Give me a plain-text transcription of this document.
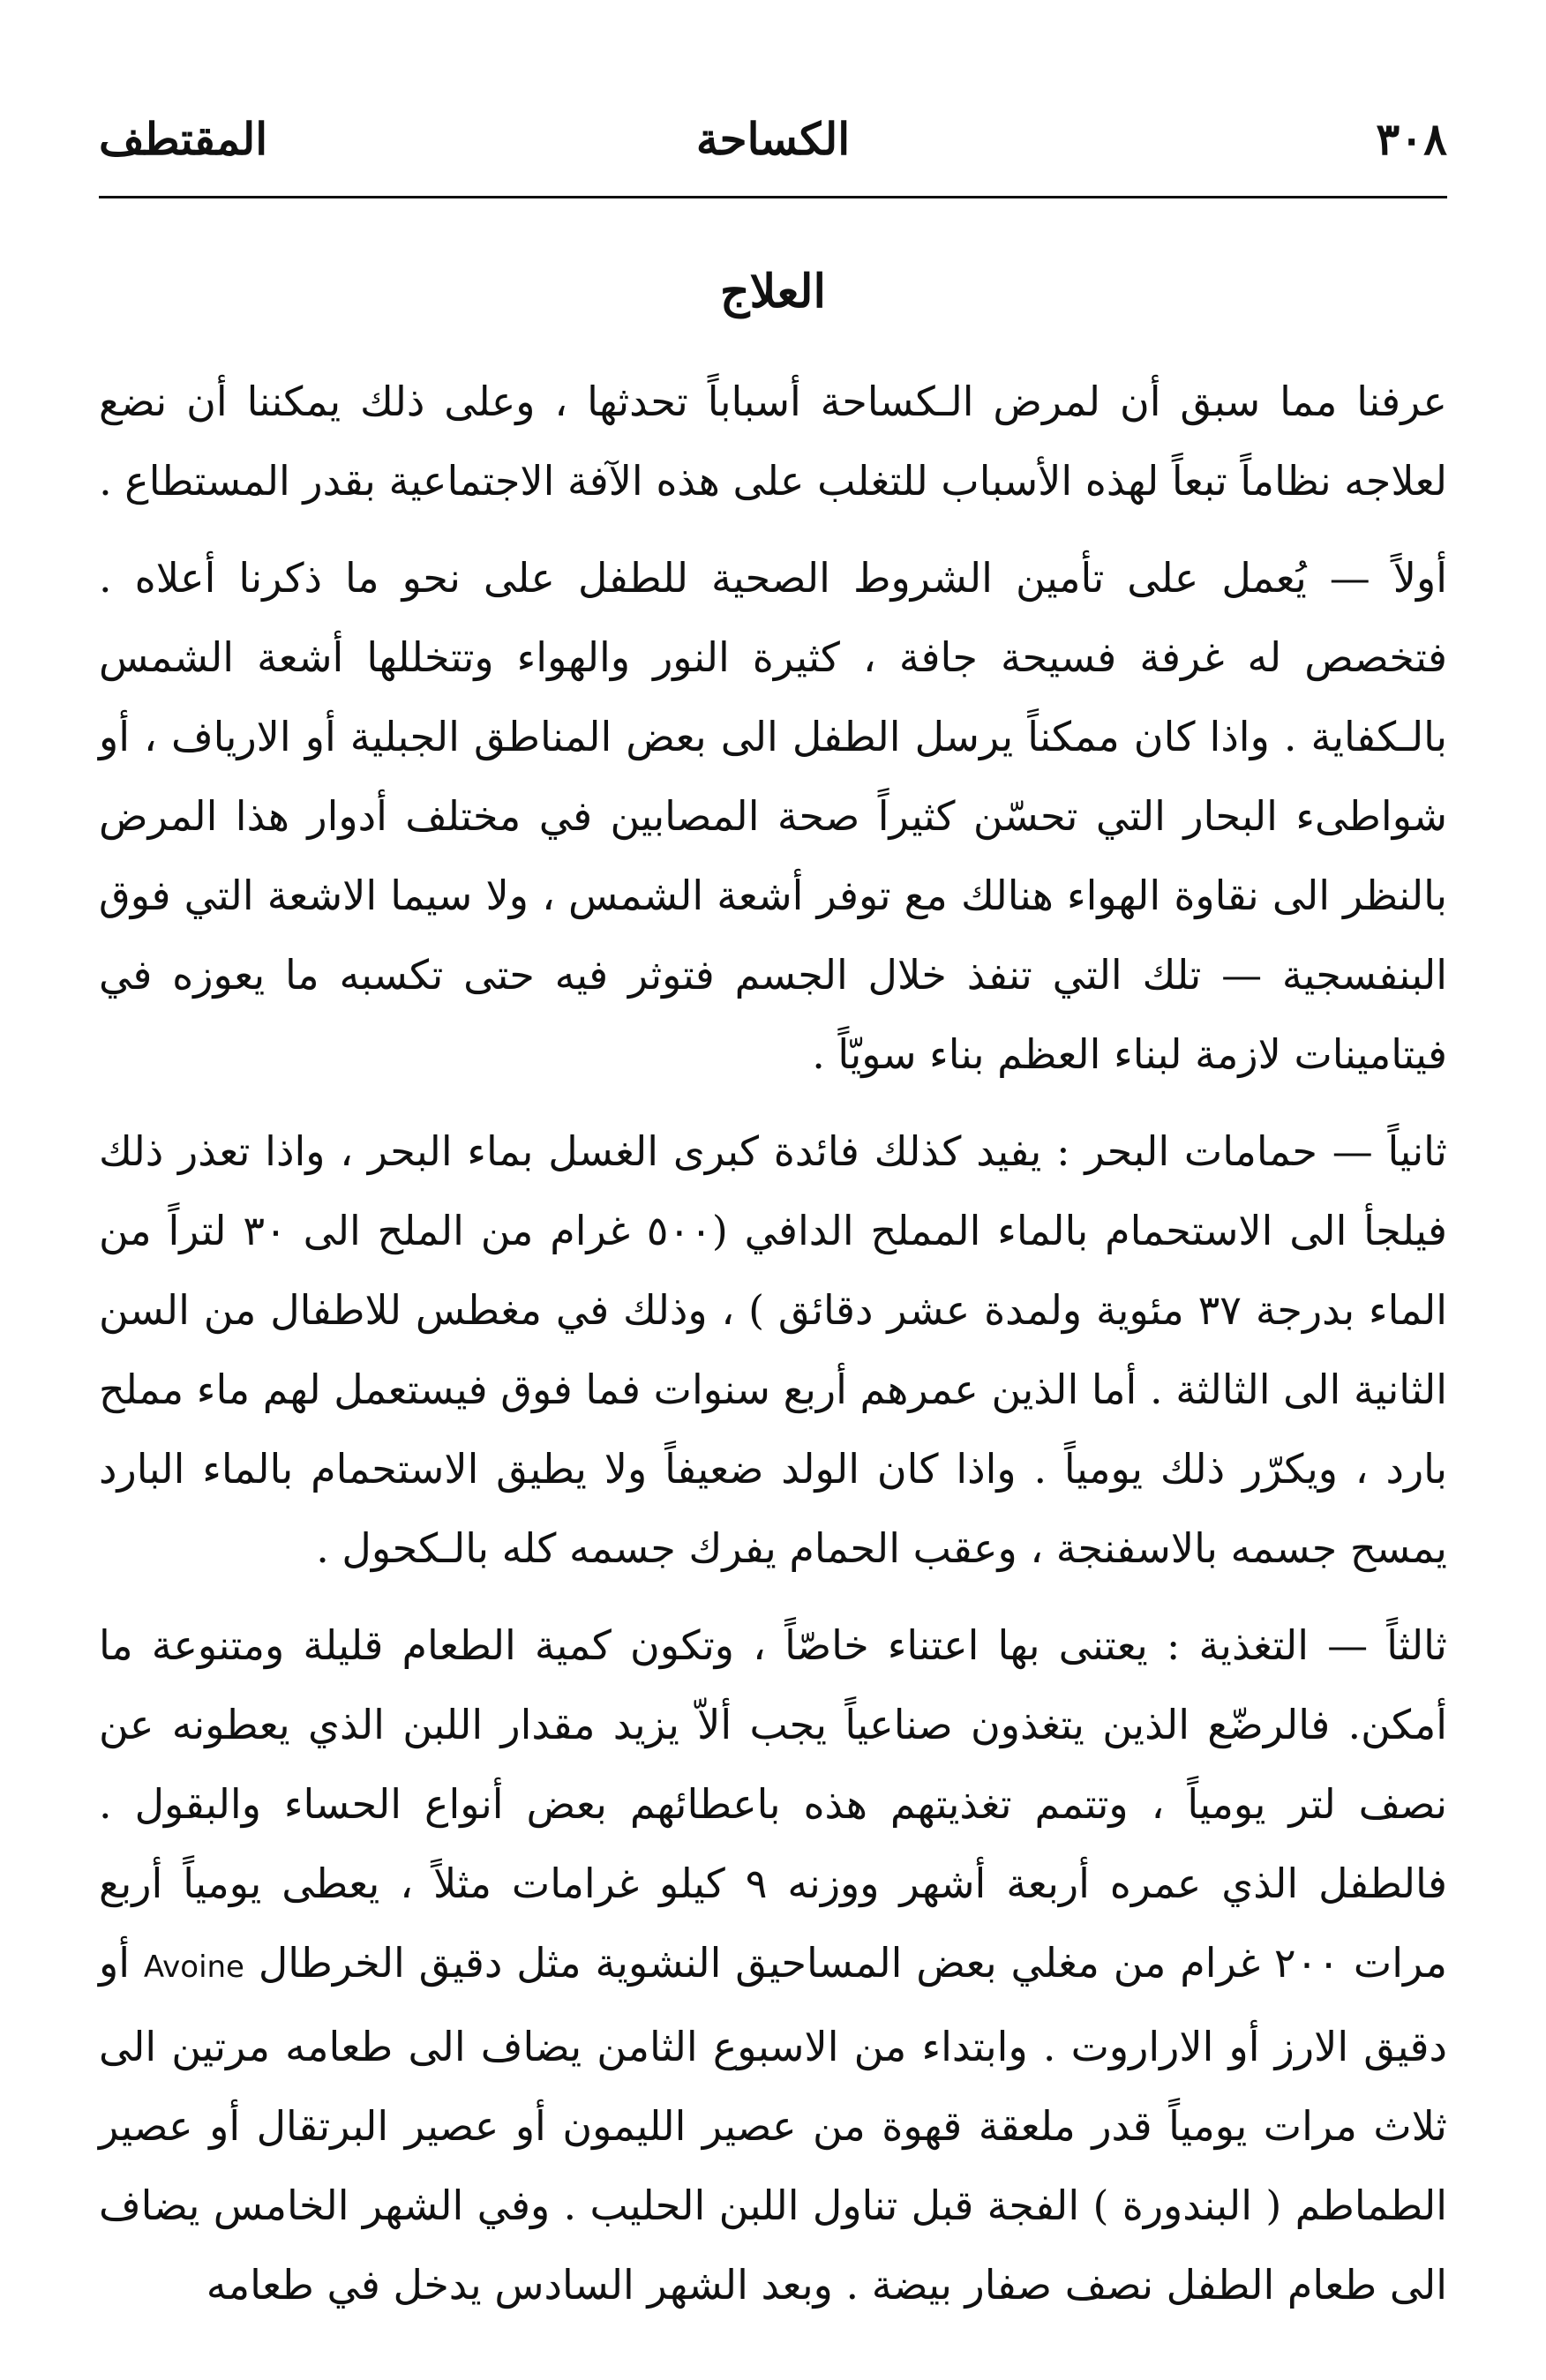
٣٠٨
الكساحة
المقتطف
العلاج

عرفنا مما سبق أن لمرض الـكساحة أسباباً تحدثها ، وعلى ذلك يمكننا أن نضع لعلاجه نظاماً تبعاً لهذه الأسباب للتغلب على هذه الآفة الاجتماعية بقدر المستطاع .

أولاً — يُعمل على تأمين الشروط الصحية للطفل على نحو ما ذكرنا أعلاه . فتخصص له غرفة فسيحة جافة ، كثيرة النور والهواء وتتخللها أشعة الشمس بالـكفاية . واذا كان ممكناً يرسل الطفل الى بعض المناطق الجبلية أو الارياف ، أو شواطىء البحار التي تحسّن كثيراً صحة المصابين في مختلف أدوار هذا المرض بالنظر الى نقاوة الهواء هنالك مع توفر أشعة الشمس ، ولا سيما الاشعة التي فوق البنفسجية — تلك التي تنفذ خلال الجسم فتوثر فيه حتى تكسبه ما يعوزه في فيتامينات لازمة لبناء العظم بناء سويّاً .

ثانياً — حمامات البحر : يفيد كذلك فائدة كبرى الغسل بماء البحر ، واذا تعذر ذلك فيلجأ الى الاستحمام بالماء المملح الدافي (٥٠٠ غرام من الملح الى ٣٠ لتراً من الماء بدرجة ٣٧ مئوية ولمدة عشر دقائق ) ، وذلك في مغطس للاطفال من السن الثانية الى الثالثة . أما الذين عمرهم أربع سنوات فما فوق فيستعمل لهم ماء مملح بارد ، ويكرّر ذلك يومياً . واذا كان الولد ضعيفاً ولا يطيق الاستحمام بالماء البارد يمسح جسمه بالاسفنجة ، وعقب الحمام يفرك جسمه كله بالـكحول .

ثالثاً — التغذية : يعتنى بها اعتناء خاصّاً ، وتكون كمية الطعام قليلة ومتنوعة ما أمكن. فالرضّع الذين يتغذون صناعياً يجب ألاّ يزيد مقدار اللبن الذي يعطونه عن نصف لتر يومياً ، وتتمم تغذيتهم هذه باعطائهم بعض أنواع الحساء والبقول . فالطفل الذي عمره أربعة أشهر ووزنه ٩ كيلو غرامات مثلاً ، يعطى يومياً أربع مرات ٢٠٠ غرام من مغلي بعض المساحيق النشوية مثل دقيق الخرطال Avoine أو دقيق الارز أو الاراروت . وابتداء من الاسبوع الثامن يضاف الى طعامه مرتين الى ثلاث مرات يومياً قدر ملعقة قهوة من عصير الليمون أو عصير البرتقال أو عصير الطماطم ( البندورة ) الفجة قبل تناول اللبن الحليب . وفي الشهر الخامس يضاف الى طعام الطفل نصف صفار بيضة . وبعد الشهر السادس يدخل في طعامه
